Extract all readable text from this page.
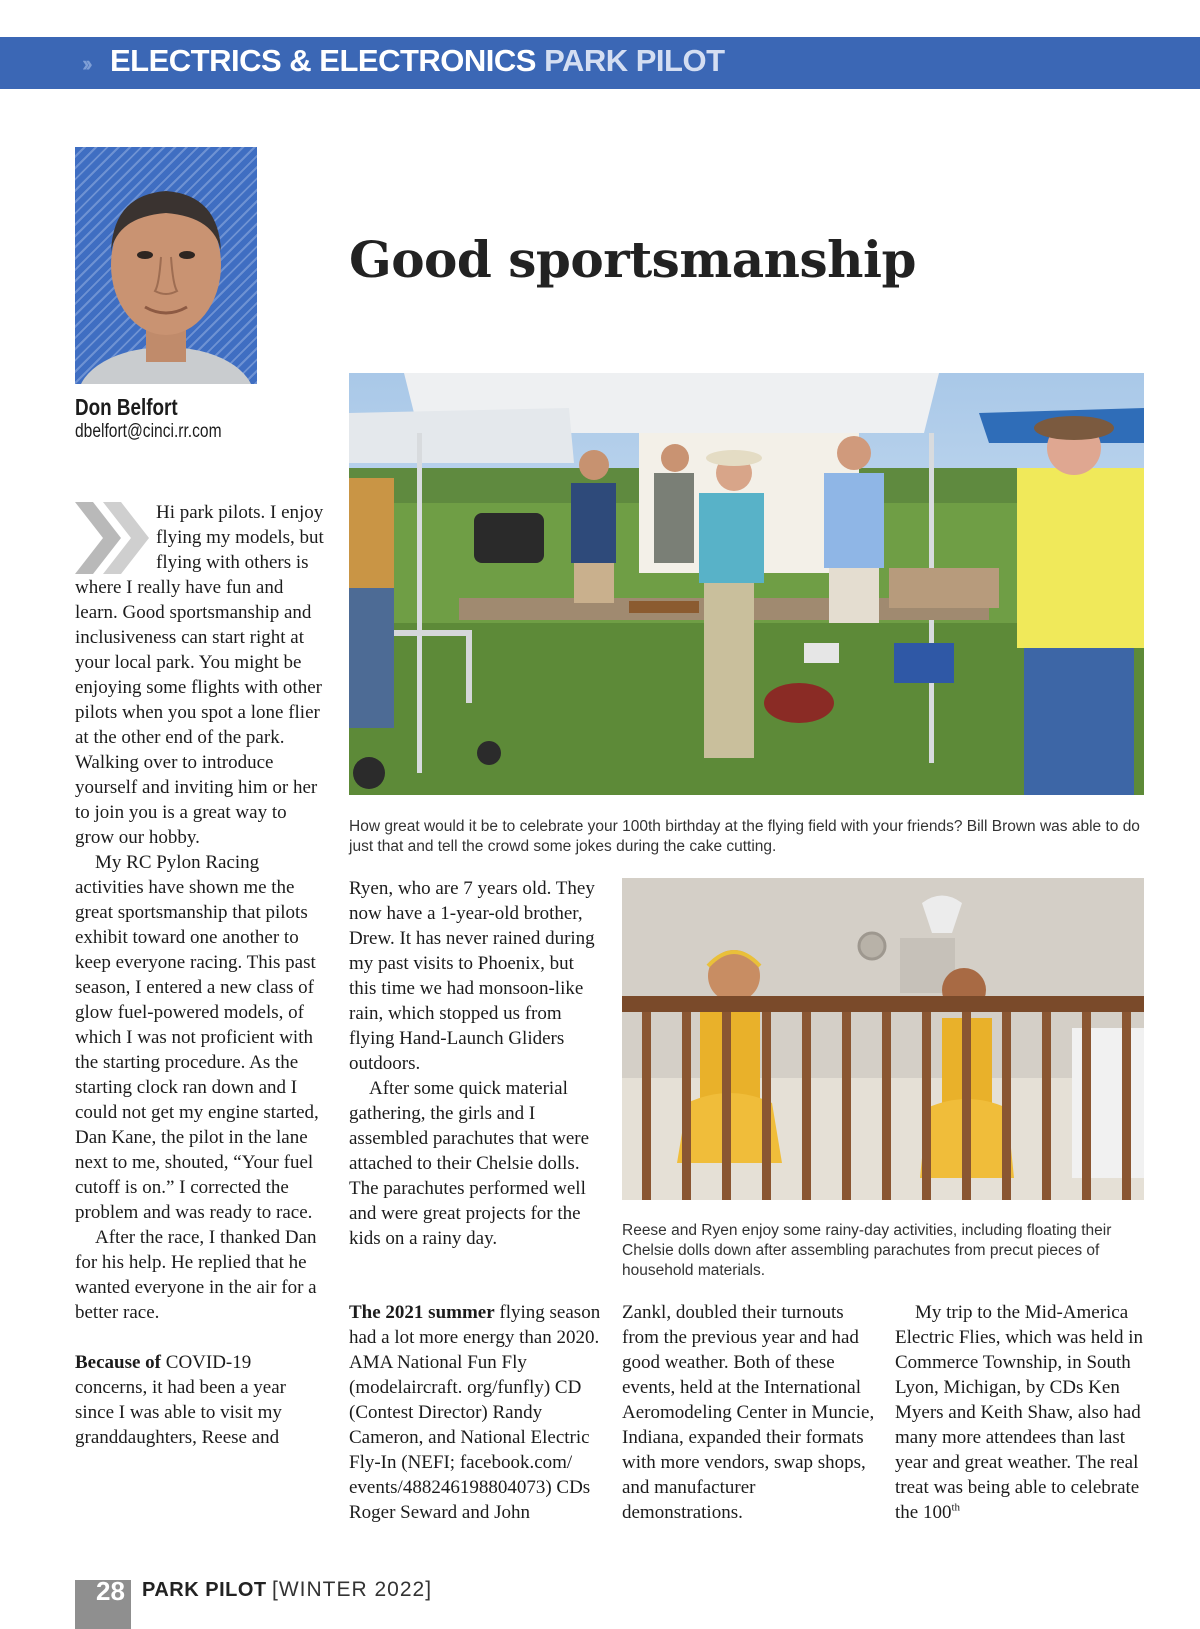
›› ELECTRICS & ELECTRONICS PARK PILOT
Don Belfort
dbelfort@cinci.rr.com
Good sportsmanship
How great would it be to celebrate your 100th birthday at the flying field with your friends? Bill Brown was able to do just that and tell the crowd some jokes during the cake cutting.
Reese and Ryen enjoy some rainy-day activities, including floating their Chelsie dolls down after assembling parachutes from precut pieces of household materials.

Hi park pilots. I enjoy flying my models, but flying with others is where I really have fun and learn. Good sportsmanship and inclusiveness can start right at your local park. You might be enjoying some flights with other pilots when you spot a lone flier at the other end of the park. Walking over to introduce yourself and inviting him or her to join you is a great way to grow our hobby.

My RC Pylon Racing activities have shown me the great sportsmanship that pilots exhibit toward one another to keep everyone racing. This past season, I entered a new class of glow fuel-powered models, of which I was not proficient with the starting procedure. As the starting clock ran down and I could not get my engine started, Dan Kane, the pilot in the lane next to me, shouted, “Your fuel cutoff is on.” I corrected the problem and was ready to race.

After the race, I thanked Dan for his help. He replied that he wanted everyone in the air for a better race.

Because of COVID-19 concerns, it had been a year since I was able to visit my granddaughters, Reese and

Ryen, who are 7 years old. They now have a 1-year-old brother, Drew. It has never rained during my past visits to Phoenix, but this time we had monsoon-like rain, which stopped us from flying Hand-Launch Gliders outdoors.

After some quick material gathering, the girls and I assembled parachutes that were attached to their Chelsie dolls. The parachutes performed well and were great projects for the kids on a rainy day.

The 2021 summer flying season had a lot more energy than 2020. AMA National Fun Fly (modelaircraft. org/funfly) CD (Contest Director) Randy Cameron, and National Electric Fly-In (NEFI; facebook.com/ events/488246198804073) CDs Roger Seward and John

Zankl, doubled their turnouts from the previous year and had good weather. Both of these events, held at the International Aeromodeling Center in Muncie, Indiana, expanded their formats with more vendors, swap shops, and manufacturer demonstrations.

My trip to the Mid-America Electric Flies, which was held in Commerce Township, in South Lyon, Michigan, by CDs Ken Myers and Keith Shaw, also had many more attendees than last year and great weather. The real treat was being able to celebrate the 100th

28 PARK PILOT [WINTER 2022]
